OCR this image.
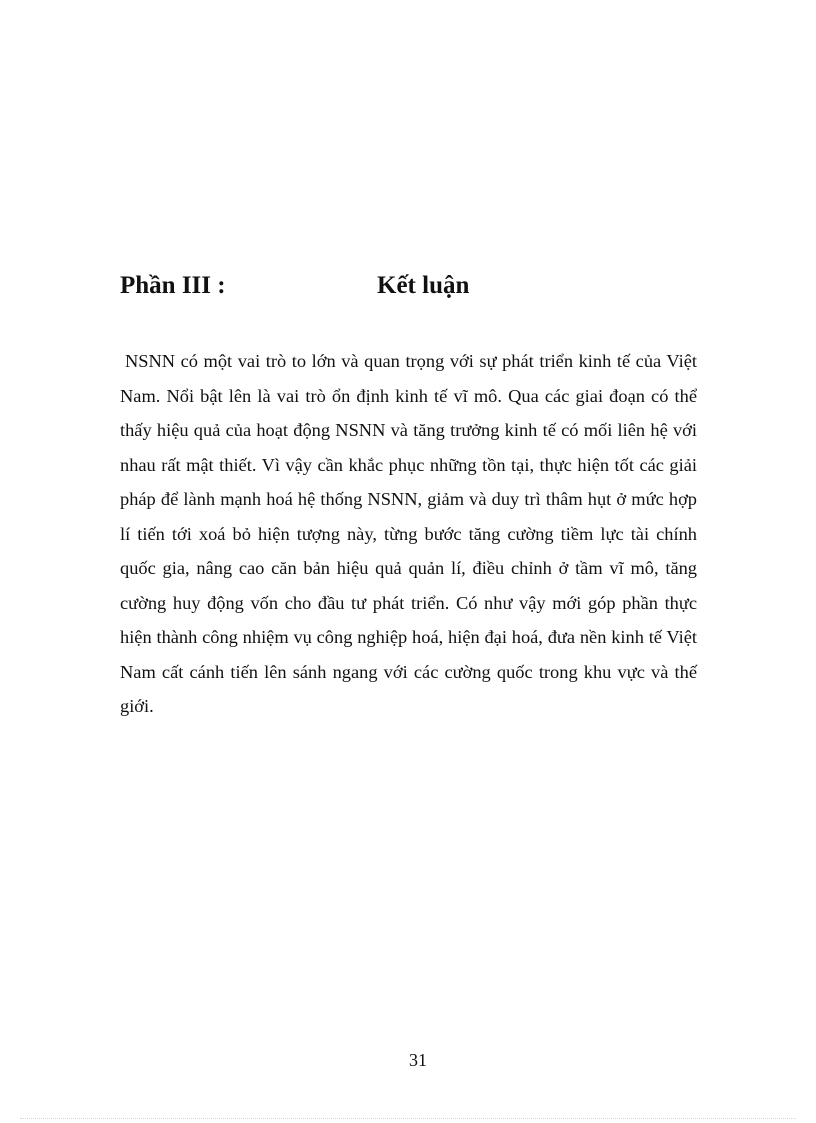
Phần III :	Kết luận

NSNN có một vai trò to lớn và quan trọng với sự phát triển kinh tế của Việt Nam. Nổi bật lên là vai trò ổn định kinh tế vĩ mô. Qua các giai đoạn có thể thấy hiệu quả của hoạt động NSNN và tăng trưởng kinh tế có mối liên hệ với nhau rất mật thiết. Vì vậy cần khắc phục những tồn tại, thực hiện tốt các giải pháp để lành mạnh hoá hệ thống NSNN, giảm và duy trì thâm hụt ở mức hợp lí tiến tới xoá bỏ hiện tượng này, từng bước tăng cường tiềm lực tài chính quốc gia, nâng cao căn bản hiệu quả quản lí, điều chỉnh ở tầm vĩ mô, tăng cường huy động vốn cho đầu tư phát triển. Có như vậy mới góp phần thực hiện thành công nhiệm vụ công nghiệp hoá, hiện đại hoá, đưa nền kinh tế Việt Nam cất cánh tiến lên sánh ngang với các cường quốc trong khu vực và thế giới.

31
